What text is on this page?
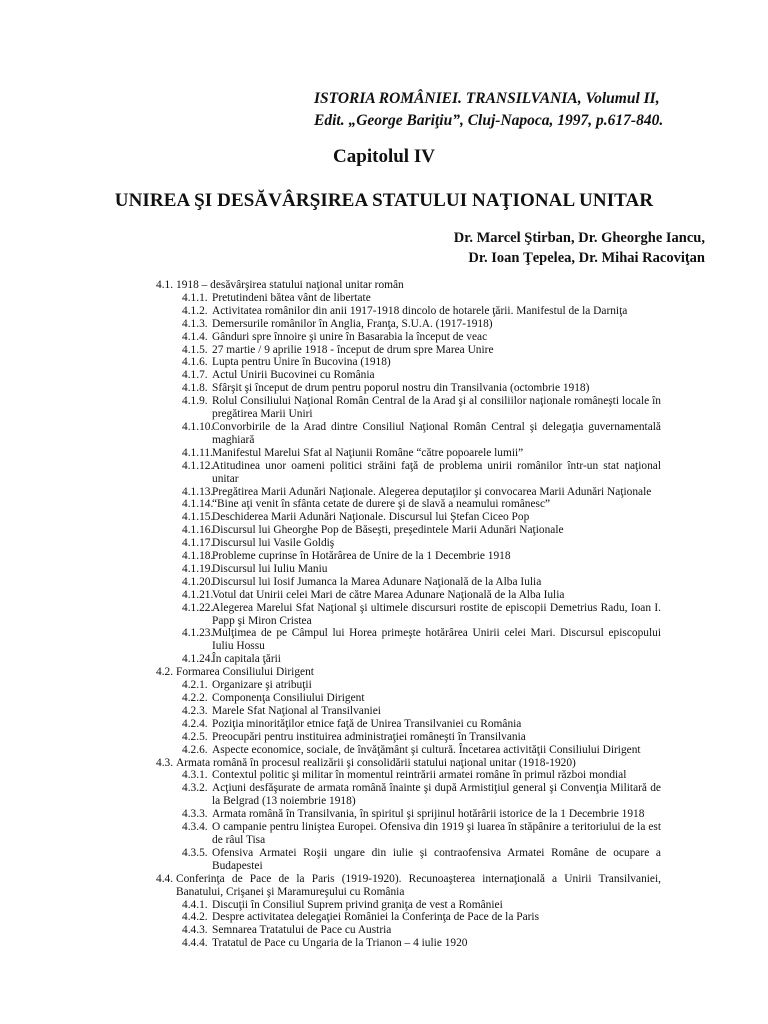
ISTORIA ROMÂNIEI. TRANSILVANIA, Volumul II,
Edit. „George Bariţiu”, Cluj-Napoca, 1997, p.617-840.
Capitolul IV
UNIREA ŞI DESĂVÂRŞIREA STATULUI NAŢIONAL UNITAR
Dr. Marcel Ştirban, Dr. Gheorghe Iancu,
Dr. Ioan Ţepelea, Dr. Mihai Racoviţan
4.1. 1918 – desăvârşirea statului naţional unitar român
4.1.1. Pretutindeni bătea vânt de libertate
4.1.2. Activitatea românilor din anii 1917-1918 dincolo de hotarele ţării. Manifestul de la Darniţa
4.1.3. Demersurile românilor în Anglia, Franţa, S.U.A. (1917-1918)
4.1.4. Gânduri spre înnoire şi unire în Basarabia la început de veac
4.1.5. 27 martie / 9 aprilie 1918 - început de drum spre Marea Unire
4.1.6. Lupta pentru Unire în Bucovina (1918)
4.1.7. Actul Unirii Bucovinei cu România
4.1.8. Sfârşit şi început de drum pentru poporul nostru din Transilvania (octombrie 1918)
4.1.9. Rolul Consiliului Naţional Român Central de la Arad şi al consiliilor naţionale româneşti locale în pregătirea Marii Uniri
4.1.10.
Convorbirile de la Arad dintre Consiliul Naţional Român Central şi delegaţia guvernamentală maghiară
4.1.11. Manifestul Marelui Sfat al Naţiunii Române “către popoarele lumii”
4.1.12.
Atitudinea unor oameni politici străini faţă de problema unirii românilor într-un stat naţional unitar
4.1.13.
Pregătirea Marii Adunări Naţionale. Alegerea deputaţilor şi convocarea Marii Adunări Naţionale
4.1.14.
“Bine aţi venit în sfânta cetate de durere şi de slavă a neamului românesc”
4.1.15.
Deschiderea Marii Adunări Naţionale. Discursul lui Ştefan Ciceo Pop
4.1.16.
Discursul lui Gheorghe Pop de Băseşti, preşedintele Marii Adunări Naţionale
4.1.17.
Discursul lui Vasile Goldiş
4.1.18.
Probleme cuprinse în Hotărârea de Unire de la 1 Decembrie 1918
4.1.19.
Discursul lui Iuliu Maniu
4.1.20.
Discursul lui Iosif Jumanca la Marea Adunare Naţională de la Alba Iulia
4.1.21.
Votul dat Unirii celei Mari de către Marea Adunare Naţională de la Alba Iulia
4.1.22.
Alegerea Marelui Sfat Naţional şi ultimele discursuri rostite de episcopii Demetrius Radu, Ioan I. Papp şi Miron Cristea
4.1.23.
Mulţimea de pe Câmpul lui Horea primeşte hotărârea Unirii celei Mari. Discursul episcopului Iuliu Hossu
4.1.24.
În capitala ţării
4.2. Formarea Consiliului Dirigent
4.2.1. Organizare şi atribuţii
4.2.2. Componenţa Consiliului Dirigent
4.2.3. Marele Sfat Naţional al Transilvaniei
4.2.4. Poziţia minorităţilor etnice faţă de Unirea Transilvaniei cu România
4.2.5. Preocupări pentru instituirea administraţiei româneşti în Transilvania
4.2.6. Aspecte economice, sociale, de învăţământ şi cultură. Încetarea activităţii Consiliului Dirigent
4.3. Armata română în procesul realizării şi consolidării statului naţional unitar (1918-1920)
4.3.1. Contextul politic şi militar în momentul reintrării armatei române în primul război mondial
4.3.2. Acţiuni desfăşurate de armata română înainte şi după Armistiţiul general şi Convenţia Militară de la Belgrad (13 noiembrie 1918)
4.3.3. Armata română în Transilvania, în spiritul şi sprijinul hotărârii istorice de la 1 Decembrie 1918
4.3.4. O campanie pentru liniştea Europei. Ofensiva din 1919 şi luarea în stăpânire a teritoriului de la est de râul Tisa
4.3.5. Ofensiva Armatei Roşii ungare din iulie şi contraofensiva Armatei Române de ocupare a Budapestei
4.4. Conferinţa de Pace de la Paris (1919-1920). Recunoaşterea internaţională a Unirii Transilvaniei, Banatului, Crişanei şi Maramureşului cu România
4.4.1. Discuţii în Consiliul Suprem privind graniţa de vest a României
4.4.2. Despre activitatea delegaţiei României la Conferinţa de Pace de la Paris
4.4.3. Semnarea Tratatului de Pace cu Austria
4.4.4. Tratatul de Pace cu Ungaria de la Trianon – 4 iulie 1920
